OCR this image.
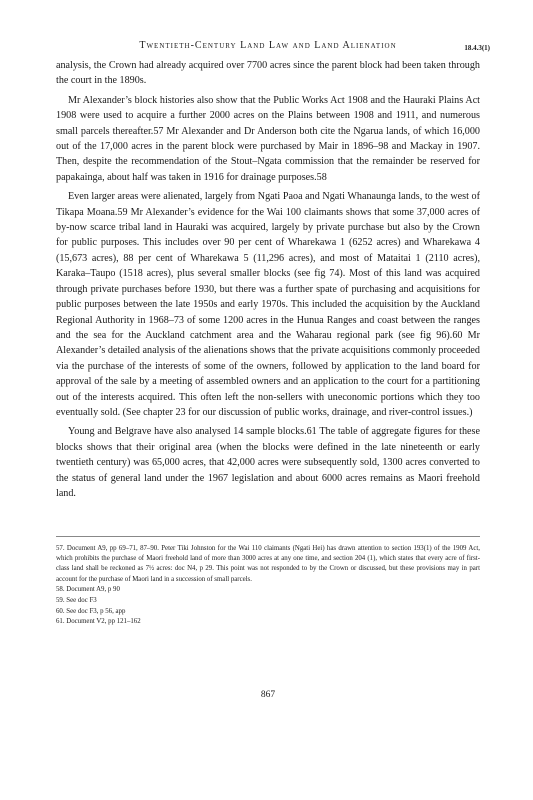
Twentieth-Century Land Law and Land Alienation	18.4.3(1)

analysis, the Crown had already acquired over 7700 acres since the parent block had been taken through the court in the 1890s.

Mr Alexander’s block histories also show that the Public Works Act 1908 and the Hauraki Plains Act 1908 were used to acquire a further 2000 acres on the Plains between 1908 and 1911, and numerous small parcels thereafter.57 Mr Alexander and Dr Anderson both cite the Ngarua lands, of which 16,000 out of the 17,000 acres in the parent block were purchased by Mair in 1896–98 and Mackay in 1907. Then, despite the recommendation of the Stout–Ngata commission that the remainder be reserved for papakainga, about half was taken in 1916 for drainage purposes.58

Even larger areas were alienated, largely from Ngati Paoa and Ngati Whanaunga lands, to the west of Tikapa Moana.59 Mr Alexander’s evidence for the Wai 100 claimants shows that some 37,000 acres of by-now scarce tribal land in Hauraki was acquired, largely by private purchase but also by the Crown for public purposes. This includes over 90 per cent of Wharekawa 1 (6252 acres) and Wharekawa 4 (15,673 acres), 88 per cent of Wharekawa 5 (11,296 acres), and most of Mataitai 1 (2110 acres), Karaka–Taupo (1518 acres), plus several smaller blocks (see fig 74). Most of this land was acquired through private purchases before 1930, but there was a further spate of purchasing and acquisitions for public purposes between the late 1950s and early 1970s. This included the acquisition by the Auckland Regional Authority in 1968–73 of some 1200 acres in the Hunua Ranges and coast between the ranges and the sea for the Auckland catchment area and the Waharau regional park (see fig 96).60 Mr Alexander’s detailed analysis of the alienations shows that the private acquisitions commonly proceeded via the purchase of the interests of some of the owners, followed by application to the land board for approval of the sale by a meeting of assembled owners and an application to the court for a partitioning out of the interests acquired. This often left the non-sellers with uneconomic portions which they too eventually sold. (See chapter 23 for our discussion of public works, drainage, and river-control issues.)

Young and Belgrave have also analysed 14 sample blocks.61 The table of aggregate figures for these blocks shows that their original area (when the blocks were defined in the late nineteenth or early twentieth century) was 65,000 acres, that 42,000 acres were subsequently sold, 1300 acres converted to the status of general land under the 1967 legislation and about 6000 acres remains as Maori freehold land.

57. Document A9, pp 69–71, 87–90. Peter Tiki Johnston for the Wai 110 claimants (Ngati Hei) has drawn attention to section 193(1) of the 1909 Act, which prohibits the purchase of Maori freehold land of more than 3000 acres at any one time, and section 204 (1), which states that every acre of first-class land shall be reckoned as 7½ acres: doc N4, p 29. This point was not responded to by the Crown or discussed, but these provisions may in part account for the purchase of Maori land in a succession of small parcels.

58. Document A9, p 90

59. See doc F3

60. See doc F3, p 56, app

61. Document V2, pp 121–162

867
